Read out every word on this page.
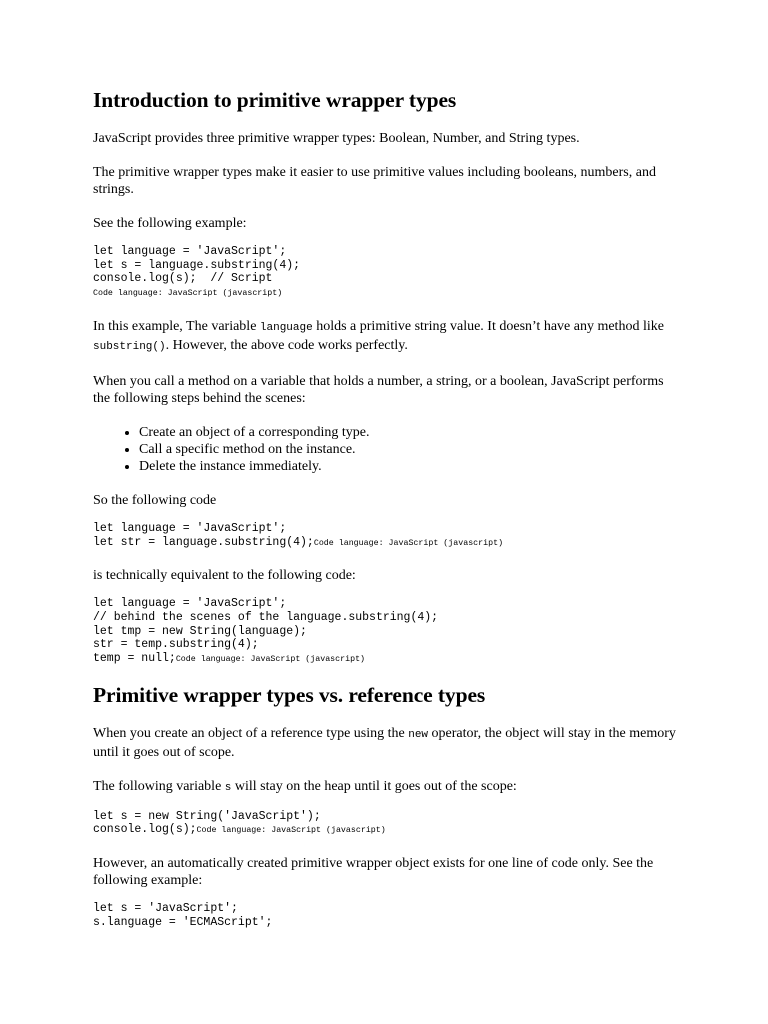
Introduction to primitive wrapper types

JavaScript provides three primitive wrapper types: Boolean, Number, and String types.

The primitive wrapper types make it easier to use primitive values including booleans, numbers, and strings.

See the following example:

let language = 'JavaScript';
let s = language.substring(4);
console.log(s);  // Script
Code language: JavaScript (javascript)

In this example, The variable language holds a primitive string value. It doesn’t have any method like substring(). However, the above code works perfectly.

When you call a method on a variable that holds a number, a string, or a boolean, JavaScript performs the following steps behind the scenes:

• Create an object of a corresponding type.
• Call a specific method on the instance.
• Delete the instance immediately.

So the following code

let language = 'JavaScript';
let str = language.substring(4);Code language: JavaScript (javascript)

is technically equivalent to the following code:

let language = 'JavaScript';
// behind the scenes of the language.substring(4);
let tmp = new String(language);
str = temp.substring(4);
temp = null;Code language: JavaScript (javascript)
Primitive wrapper types vs. reference types

When you create an object of a reference type using the new operator, the object will stay in the memory until it goes out of scope.

The following variable s will stay on the heap until it goes out of the scope:

let s = new String('JavaScript');
console.log(s);Code language: JavaScript (javascript)

However, an automatically created primitive wrapper object exists for one line of code only. See the following example:

let s = 'JavaScript';
s.language = 'ECMAScript';
